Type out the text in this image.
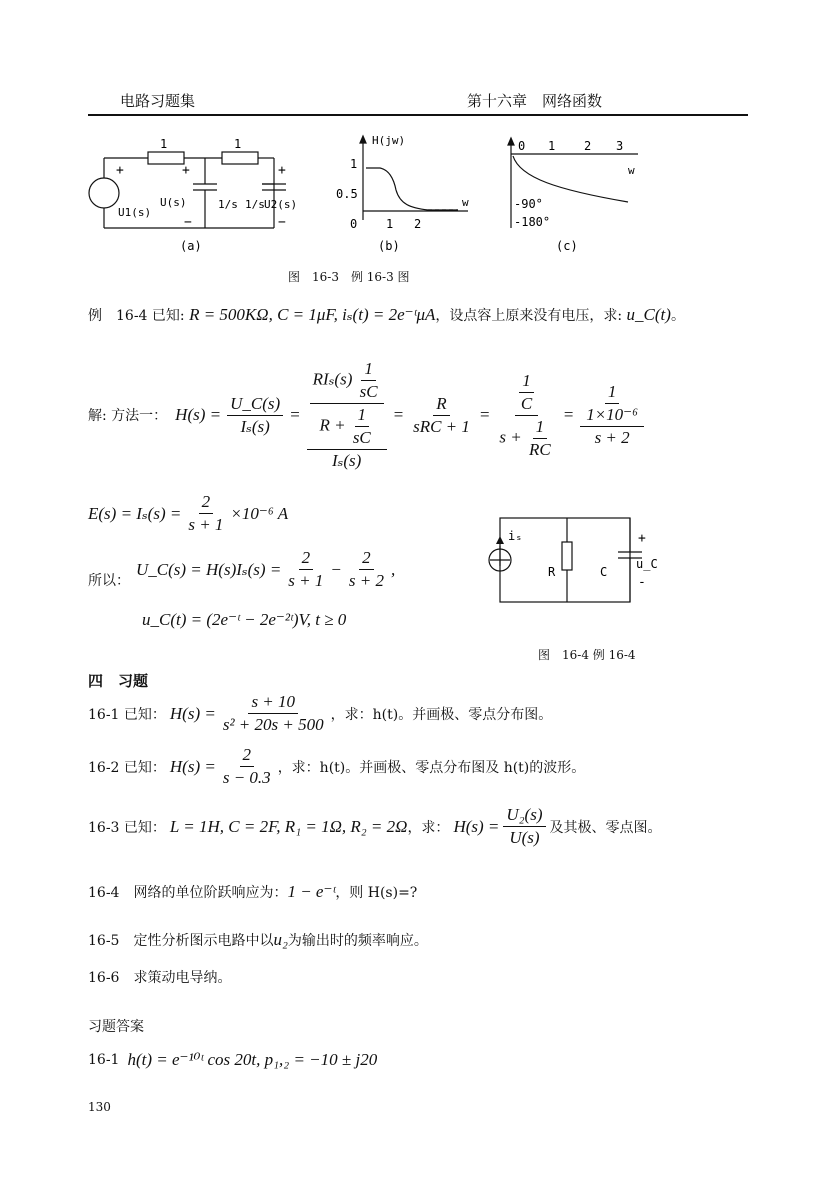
电路习题集	第十六章　网络函数
1	1
+
U1(s)
+
U(s)
−
1/s 1/s
+
U2(s)
−
(a)
H(jw)
1
0.5
0 1 2
w
(b)
0 1 2 3
w
-90°
-180°
(c)
图　16-3　例 16-3 图
例　16-4 已知: R = 500KΩ, C = 1μF, iₛ(t) = 2e⁻ᵗμA，设点容上原来没有电压，求: u_C(t)。
解: 方法一： $H(s) = \frac{U\_C(s)}{\text{Iₛ(s)}} = \frac{RI_s(s) \frac{1}{sC}}{R + \frac{1}{sC}}$
Iₛ(s)
= $\frac{R}{\text{sRC + 1}} = \frac{\frac{1}{C}}{s + \frac{1}{RC}} = \frac{\frac{1}{\text{1×10⁻⁶}}}{s + 2}$
$E(s) = I_s(s) = \frac{2}{s + 1} \times 10^{-6}$ A
所以：
U_C(s) = $H(s)I_s(s) = \frac{2}{s + 1} - \frac{2}{s + 2}$ ,
u_C(t) = (2e⁻ᵗ − 2e⁻²ᵗ)V, t ≥ 0
iₛ
R	C
+
u_C
-
图　16-4 例 16-4
四　习题
16-1 已知： $H(s) = \frac{s + 10}{\text{s² + 20s + 500}}$ ，求：h(t)。并画极、零点分布图。
16-2 已知： $H(s) = \frac{2}{s - 0.3}$ ，求：h(t)。并画极、零点分布图及 h(t)的波形。
16-3 已知： L = 1H, C = 2F, R₁ = 1Ω, R₂ = 2Ω ，求： $H(s) = \frac{\text{U₂(s)}}{U(s)}$ 及其极、零点图。
16-4　网络的单位阶跃响应为：1 − e⁻ᵗ，则 H(s)=?
16-5　定性分析图示电路中以u₂为输出时的频率响应。
16-6　求策动电导纳。
习题答案
16-1 h(t) = e⁻¹⁰ᵗ cos 20t, p₁,₂ = −10 ± j20
130
